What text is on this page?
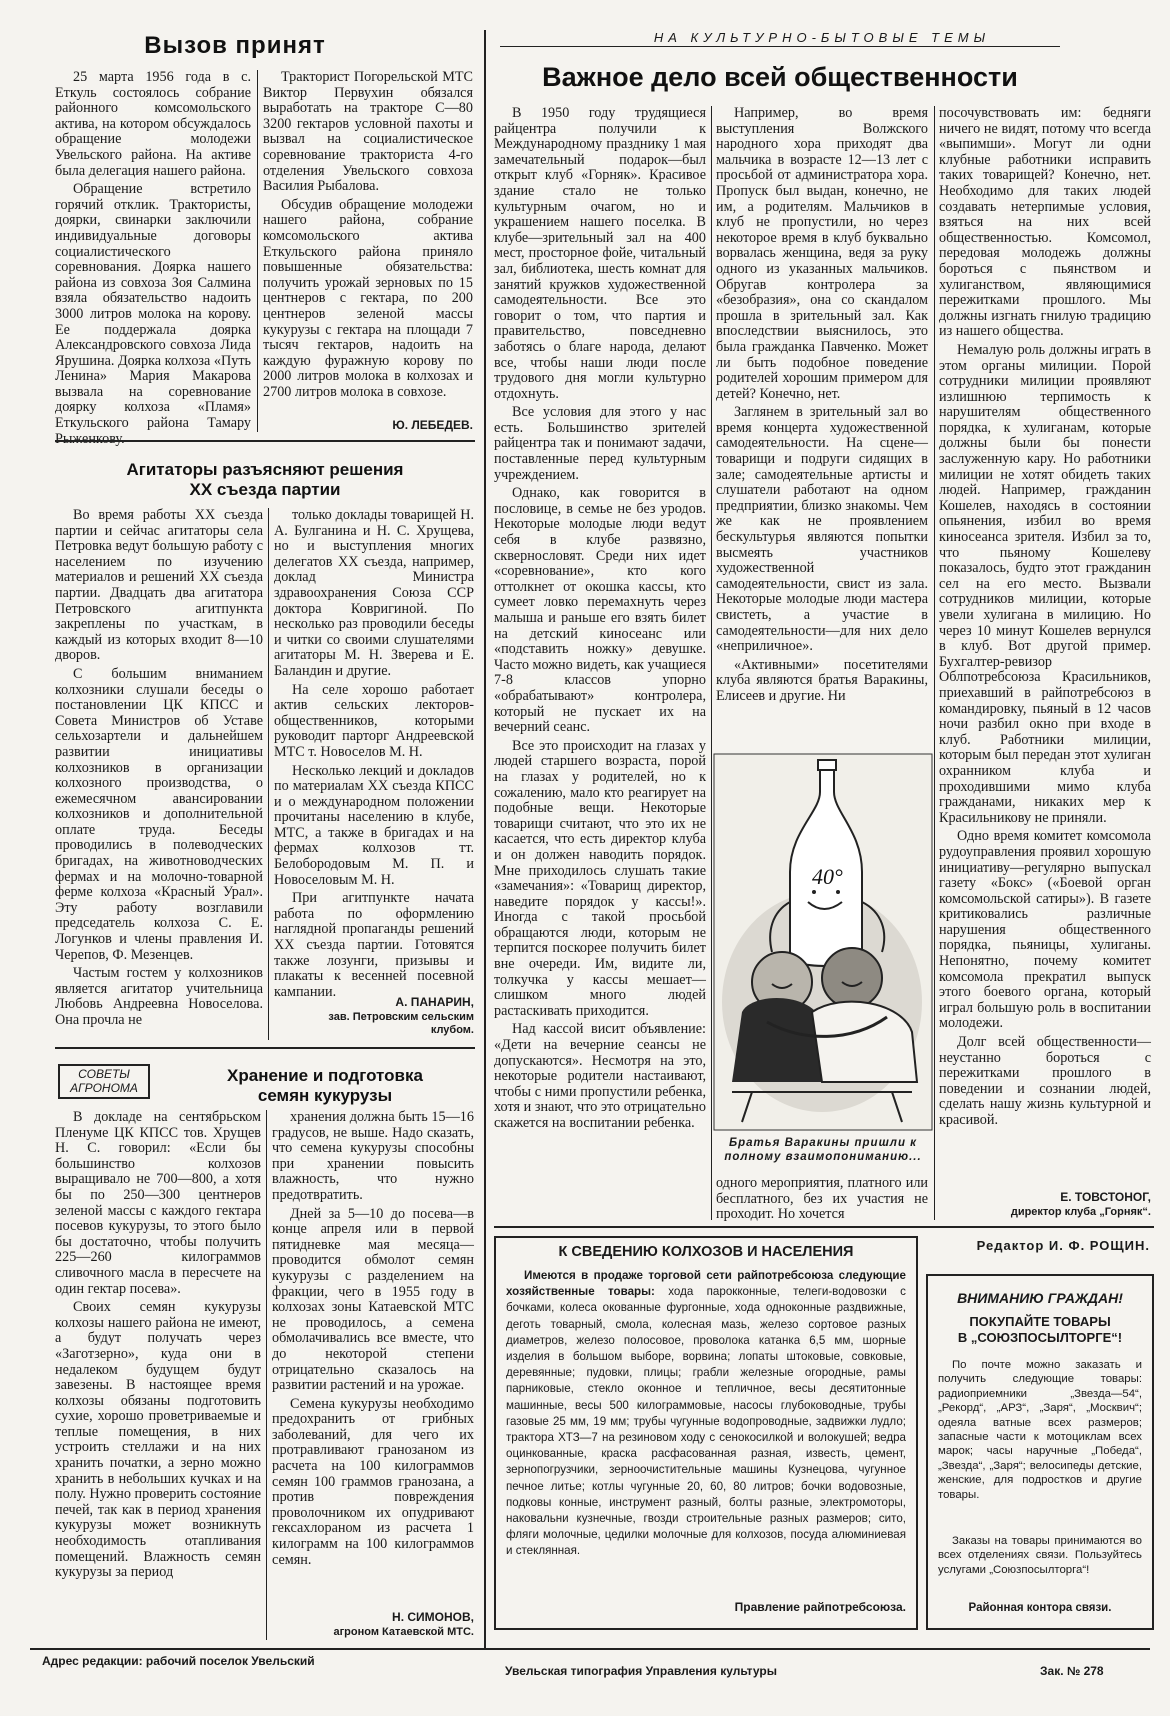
Вызов принят

25 марта 1956 года в с. Еткуль состоялось собрание районного комсомольского актива, на котором обсуждалось обращение молодежи Увельского района. На активе была делегация нашего района.

Обращение встретило горячий отклик. Трактористы, доярки, свинарки заключили индивидуальные договоры социалистического соревнования. Доярка нашего района из совхоза Зоя Салмина взяла обязательство надоить 3000 литров молока на корову. Ее поддержала доярка Александровского совхоза Лида Ярушина. Доярка колхоза «Путь Ленина» Мария Макарова вызвала на соревнование доярку колхоза «Пламя» Еткульского района Тамару Рыженкову.

Тракторист Погорельской МТС Виктор Первухин обязался выработать на тракторе С—80 3200 гектаров условной пахоты и вызвал на социалистическое соревнование тракториста 4-го отделения Увельского совхоза Василия Рыбалова.

Обсудив обращение молодежи нашего района, собрание комсомольского актива Еткульского района приняло повышенные обязательства: получить урожай зерновых по 15 центнеров с гектара, по 200 центнеров зеленой массы кукурузы с гектара на площади 7 тысяч гектаров, надоить на каждую фуражную корову по 2000 литров молока в колхозах и 2700 литров молока в совхозе.

Ю. ЛЕБЕДЕВ.
Агитаторы разъясняют решения
XX съезда партии

Во время работы XX съезда партии и сейчас агитаторы села Петровка ведут большую работу с населением по изучению материалов и решений XX съезда партии. Двадцать два агитатора Петровского агитпункта закреплены по участкам, в каждый из которых входит 8—10 дворов.

С большим вниманием колхозники слушали беседы о постановлении ЦК КПСС и Совета Министров об Уставе сельхозартели и дальнейшем развитии инициативы колхозников в организации колхозного производства, о ежемесячном авансировании колхозников и дополнительной оплате труда. Беседы проводились в полеводческих бригадах, на животноводческих фермах и на молочно-товарной ферме колхоза «Красный Урал». Эту работу возглавили председатель колхоза С. Е. Логунков и члены правления И. Черепов, Ф. Мезенцев.

Частым гостем у колхозников является агитатор учительница Любовь Андреевна Новоселова. Она прочла не

только доклады товарищей Н. А. Булганина и Н. С. Хрущева, но и выступления многих делегатов XX съезда, например, доклад Министра здравоохранения Союза ССР доктора Ковригиной. По несколько раз проводили беседы и читки со своими слушателями агитаторы М. Н. Зверева и Е. Баландин и другие.

На селе хорошо работает актив сельских лекторов-общественников, которыми руководит парторг Андреевской МТС т. Новоселов М. Н.

Несколько лекций и докладов по материалам XX съезда КПСС и о международном положении прочитаны населению в клубе, МТС, а также в бригадах и на фермах колхозов тт. Белобородовым М. П. и Новоселовым М. Н.

При агитпункте начата работа по оформлению наглядной пропаганды решений XX съезда партии. Готовятся также лозунги, призывы и плакаты к весенней посевной кампании.

А. ПАНАРИН,
зав. Петровским сельским клубом.
СОВЕТЫ
АГРОНОМА
Хранение и подготовка
семян кукурузы

В докладе на сентябрьском Пленуме ЦК КПСС тов. Хрущев Н. С. говорил: «Если бы большинство колхозов выращивало не 700—800, а хотя бы по 250—300 центнеров зеленой массы с каждого гектара посевов кукурузы, то этого было бы достаточно, чтобы получить 225—260 килограммов сливочного масла в пересчете на один гектар посева».

Своих семян кукурузы колхозы нашего района не имеют, а будут получать через «Заготзерно», куда они в недалеком будущем будут завезены. В настоящее время колхозы обязаны подготовить сухие, хорошо проветриваемые и теплые помещения, в них устроить стеллажи и на них хранить початки, а зерно можно хранить в небольших кучках и на полу. Нужно проверить состояние печей, так как в период хранения кукурузы может возникнуть необходимость отапливания помещений. Влажность семян кукурузы за период

хранения должна быть 15—16 градусов, не выше. Надо сказать, что семена кукурузы способны при хранении повысить влажность, что нужно предотвратить.

Дней за 5—10 до посева—в конце апреля или в первой пятидневке мая месяца—проводится обмолот семян кукурузы с разделением на фракции, чего в 1955 году в колхозах зоны Катаевской МТС не проводилось, а семена обмолачивались все вместе, что до некоторой степени отрицательно сказалось на развитии растений и на урожае.

Семена кукурузы необходимо предохранить от грибных заболеваний, для чего их протравливают гранозаном из расчета на 100 килограммов семян 100 граммов гранозана, а против повреждения проволочником их опудривают гексахлораном из расчета 1 килограмм на 100 килограммов семян.

Н. СИМОНОВ,
агроном Катаевской МТС.
НА КУЛЬТУРНО-БЫТОВЫЕ ТЕМЫ
Важное дело всей общественности

В 1950 году трудящиеся райцентра получили к Международному празднику 1 мая замечательный подарок—был открыт клуб «Горняк». Красивое здание стало не только культурным очагом, но и украшением нашего поселка. В клубе—зрительный зал на 400 мест, просторное фойе, читальный зал, библиотека, шесть комнат для занятий кружков художественной самодеятельности. Все это говорит о том, что партия и правительство, повседневно заботясь о благе народа, делают все, чтобы наши люди после трудового дня могли культурно отдохнуть.

Все условия для этого у нас есть. Большинство зрителей райцентра так и понимают задачи, поставленные перед культурным учреждением.

Однако, как говорится в пословице, в семье не без уродов. Некоторые молодые люди ведут себя в клубе развязно, сквернословят. Среди них идет «соревнование», кто кого оттолкнет от окошка кассы, кто сумеет ловко перемахнуть через малыша и раньше его взять билет на детский киносеанс или «подставить ножку» девушке. Часто можно видеть, как учащиеся 7-8 классов упорно «обрабатывают» контролера, который не пускает их на вечерний сеанс.

Все это происходит на глазах у людей старшего возраста, порой на глазах у родителей, но к сожалению, мало кто реагирует на подобные вещи. Некоторые товарищи считают, что это их не касается, что есть директор клуба и он должен наводить порядок. Мне приходилось слушать такие «замечания»: «Товарищ директор, наведите порядок у кассы!». Иногда с такой просьбой обращаются люди, которым не терпится поскорее получить билет вне очереди. Им, видите ли, толкучка у кассы мешает—слишком много людей растаскивать приходится.

Над кассой висит объявление: «Дети на вечерние сеансы не допускаются». Несмотря на это, некоторые родители настаивают, чтобы с ними пропустили ребенка, хотя и знают, что это отрицательно скажется на воспитании ребенка.

Например, во время выступления Волжского народного хора приходят два мальчика в возрасте 12—13 лет с просьбой от администратора хора. Пропуск был выдан, конечно, не им, а родителям. Мальчиков в клуб не пропустили, но через некоторое время в клуб буквально ворвалась женщина, ведя за руку одного из указанных мальчиков. Обругав контролера за «безобразия», она со скандалом прошла в зрительный зал. Как впоследствии выяснилось, это была гражданка Павченко. Может ли быть подобное поведение родителей хорошим примером для детей? Конечно, нет.

Заглянем в зрительный зал во время концерта художественной самодеятельности. На сцене—товарищи и подруги сидящих в зале; самодеятельные артисты и слушатели работают на одном предприятии, близко знакомы. Чем же как не проявлением бескультурья являются попытки высмеять участников художественной самодеятельности, свист из зала. Некоторые молодые люди мастера свистеть, а участие в самодеятельности—для них дело «неприличное».

«Активными» посетителями клуба являются братья Варакины, Елисеев и другие. Ни

40°
Братья Варакины пришли к полному взаимопониманию...

одного мероприятия, платного или бесплатного, без их участия не проходит. Но хочется

посочувствовать им: бедняги ничего не видят, потому что всегда «выпимши». Могут ли одни клубные работники исправить таких товарищей? Конечно, нет. Необходимо для таких людей создавать нетерпимые условия, взяться на них всей общественностью. Комсомол, передовая молодежь должны бороться с пьянством и хулиганством, являющимися пережитками прошлого. Мы должны изгнать гнилую традицию из нашего общества.

Немалую роль должны играть в этом органы милиции. Порой сотрудники милиции проявляют излишнюю терпимость к нарушителям общественного порядка, к хулиганам, которые должны были бы понести заслуженную кару. Но работники милиции не хотят обидеть таких людей. Например, гражданин Кошелев, находясь в состоянии опьянения, избил во время киносеанса зрителя. Избил за то, что пьяному Кошелеву показалось, будто этот гражданин сел на его место. Вызвали сотрудников милиции, которые увели хулигана в милицию. Но через 10 минут Кошелев вернулся в клуб. Вот другой пример. Бухгалтер-ревизор Облпотребсоюза Красильников, приехавший в райпотребсоюз в командировку, пьяный в 12 часов ночи разбил окно при входе в клуб. Работники милиции, которым был передан этот хулиган охранником клуба и проходившими мимо клуба гражданами, никаких мер к Красильникову не приняли.

Одно время комитет комсомола рудоуправления проявил хорошую инициативу—регулярно выпускал газету «Бокс» («Боевой орган комсомольской сатиры»). В газете критиковались различные нарушения общественного порядка, пьяницы, хулиганы. Непонятно, почему комитет комсомола прекратил выпуск этого боевого органа, который играл большую роль в воспитании молодежи.

Долг всей общественности—неустанно бороться с пережитками прошлого в поведении и сознании людей, сделать нашу жизнь культурной и красивой.

Е. ТОВСТОНОГ,
директор клуба „Горняк“.
Редактор И. Ф. РОЩИН.
К СВЕДЕНИЮ КОЛХОЗОВ И НАСЕЛЕНИЯ
Имеются в продаже торговой сети райпотребсоюза следующие хозяйственные товары: хода парокконные, телеги-водовозки с бочками, колеса окованные фургонные, хода одноконные раздвижные, деготь товарный, смола, колесная мазь, железо сортовое разных диаметров, железо полосовое, проволока катанка 6,5 мм, шорные изделия в большом выборе, ворвина; лопаты штоковые, совковые, деревянные; пудовки, плицы; грабли железные огородные, рамы парниковые, стекло оконное и тепличное, весы десятитонные машинные, весы 500 килограммовые, насосы глубоководные, трубы газовые 25 мм, 19 мм; трубы чугунные водопроводные, задвижки лудло; трактора ХТЗ—7 на резиновом ходу с сенокосилкой и волокушей; ведра оцинкованные, краска расфасованная разная, известь, цемент, зернопогрузчики, зерноочистительные машины Кузнецова, чугунное печное литье; котлы чугунные 20, 60, 80 литров; бочки водовозные, подковы конные, инструмент разный, болты разные, электромоторы, наковальни кузнечные, гвозди строительные разных размеров; сито, фляги молочные, цедилки молочные для колхозов, посуда алюминиевая и стеклянная.
Правление райпотребсоюза.
ВНИМАНИЮ ГРАЖДАН!
ПОКУПАЙТЕ ТОВАРЫ
В „СОЮЗПОСЫЛТОРГЕ“!
По почте можно заказать и получить следующие товары: радиоприемники „Звезда—54“, „Рекорд“, „АРЗ“, „Заря“, „Москвич“; одеяла ватные всех размеров; запасные части к мотоциклам всех марок; часы наручные „Победа“, „Звезда“, „Заря“; велосипеды детские, женские, для подростков и другие товары.
Заказы на товары принимаются во всех отделениях связи. Пользуйтесь услугами „Союзпосылторга“!
Районная контора связи.
Адрес редакции: рабочий поселок Увельский
Увельская типография Управления культуры	Зак. № 278
